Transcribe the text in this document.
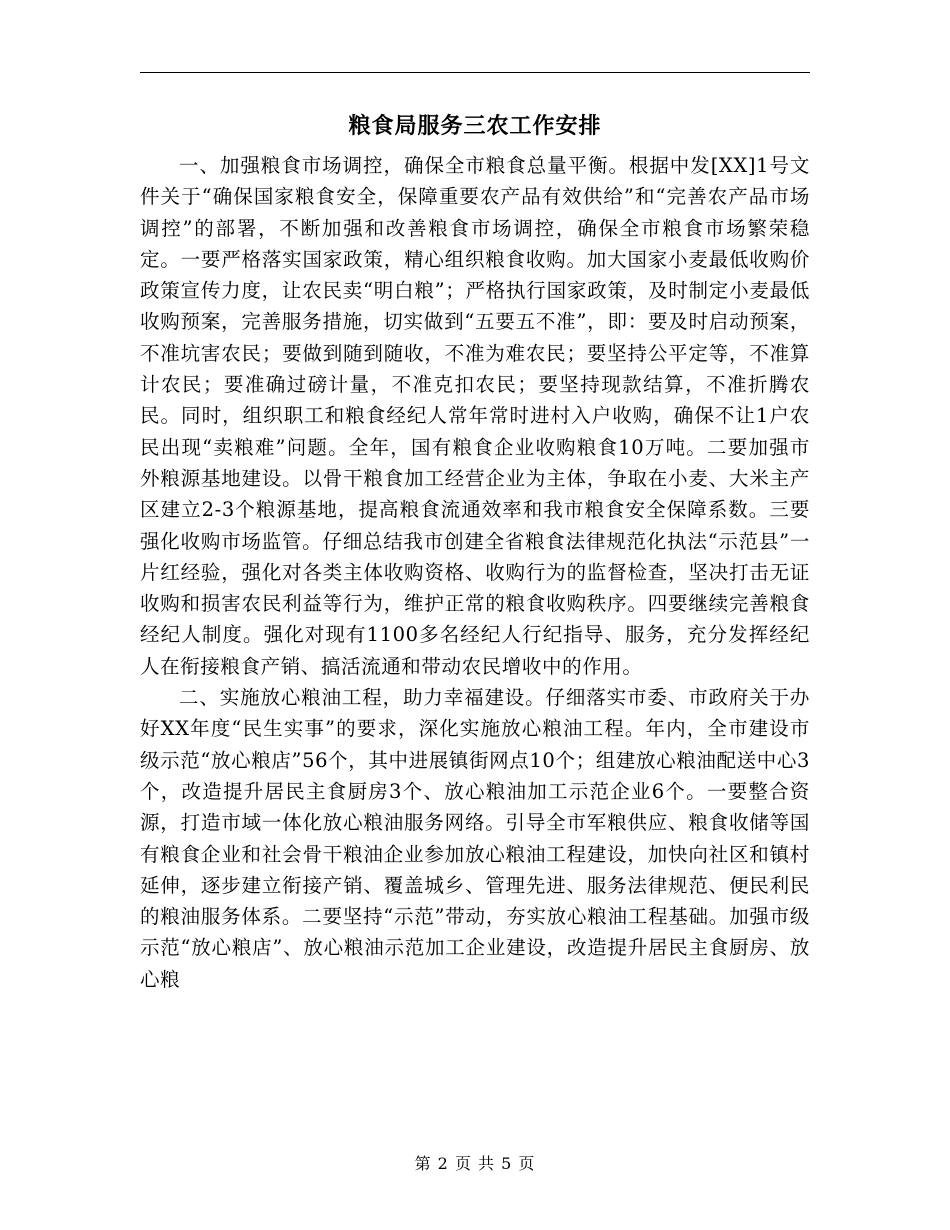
粮食局服务三农工作安排

一、加强粮食市场调控，确保全市粮食总量平衡。根据中发[XX]1号文件关于“确保国家粮食安全，保障重要农产品有效供给”和“完善农产品市场调控”的部署，不断加强和改善粮食市场调控，确保全市粮食市场繁荣稳定。一要严格落实国家政策，精心组织粮食收购。加大国家小麦最低收购价政策宣传力度，让农民卖“明白粮”；严格执行国家政策，及时制定小麦最低收购预案，完善服务措施，切实做到“五要五不准”，即：要及时启动预案，不准坑害农民；要做到随到随收，不准为难农民；要坚持公平定等，不准算计农民；要准确过磅计量，不准克扣农民；要坚持现款结算，不准折腾农民。同时，组织职工和粮食经纪人常年常时进村入户收购，确保不让1户农民出现“卖粮难”问题。全年，国有粮食企业收购粮食10万吨。二要加强市外粮源基地建设。以骨干粮食加工经营企业为主体，争取在小麦、大米主产区建立2-3个粮源基地，提高粮食流通效率和我市粮食安全保障系数。三要强化收购市场监管。仔细总结我市创建全省粮食法律规范化执法“示范县”一片红经验，强化对各类主体收购资格、收购行为的监督检查，坚决打击无证收购和损害农民利益等行为，维护正常的粮食收购秩序。四要继续完善粮食经纪人制度。强化对现有1100多名经纪人行纪指导、服务，充分发挥经纪人在衔接粮食产销、搞活流通和带动农民增收中的作用。

二、实施放心粮油工程，助力幸福建设。仔细落实市委、市政府关于办好XX年度“民生实事”的要求，深化实施放心粮油工程。年内，全市建设市级示范“放心粮店”56个，其中进展镇街网点10个；组建放心粮油配送中心3个，改造提升居民主食厨房3个、放心粮油加工示范企业6个。一要整合资源，打造市域一体化放心粮油服务网络。引导全市军粮供应、粮食收储等国有粮食企业和社会骨干粮油企业参加放心粮油工程建设，加快向社区和镇村延伸，逐步建立衔接产销、覆盖城乡、管理先进、服务法律规范、便民利民的粮油服务体系。二要坚持“示范”带动，夯实放心粮油工程基础。加强市级示范“放心粮店”、放心粮油示范加工企业建设，改造提升居民主食厨房、放心粮

第 2 页 共 5 页
